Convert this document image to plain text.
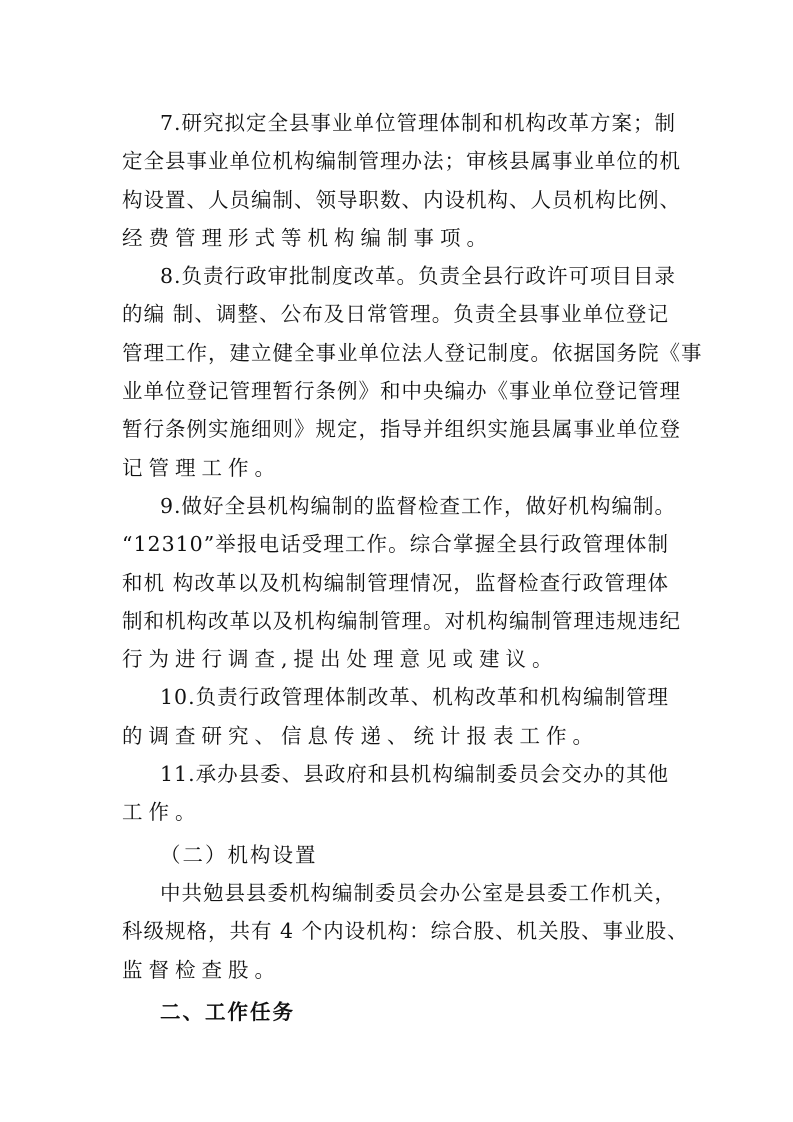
7.研究拟定全县事业单位管理体制和机构改革方案；制
定全县事业单位机构编制管理办法；审核县属事业单位的机
构设置、人员编制、领导职数、内设机构、人员机构比例、
经费管理形式等机构编制事项。
8.负责行政审批制度改革。负责全县行政许可项目目录
的编 制、调整、公布及日常管理。负责全县事业单位登记
管理工作，建立健全事业单位法人登记制度。依据国务院《事
业单位登记管理暂行条例》和中央编办《事业单位登记管理
暂行条例实施细则》规定，指导并组织实施县属事业单位登
记管理工作。
9.做好全县机构编制的监督检查工作，做好机构编制。
“12310”举报电话受理工作。综合掌握全县行政管理体制
和机 构改革以及机构编制管理情况，监督检查行政管理体
制和机构改革以及机构编制管理。对机构编制管理违规违纪
行为进行调查,提出处理意见或建议。
10.负责行政管理体制改革、机构改革和机构编制管理
的调查研究、信息传递、统计报表工作。
11.承办县委、县政府和县机构编制委员会交办的其他
工作。
（二）机构设置
中共勉县县委机构编制委员会办公室是县委工作机关，
科级规格，共有 4 个内设机构：综合股、机关股、事业股、
监督检查股。
二、工作任务
